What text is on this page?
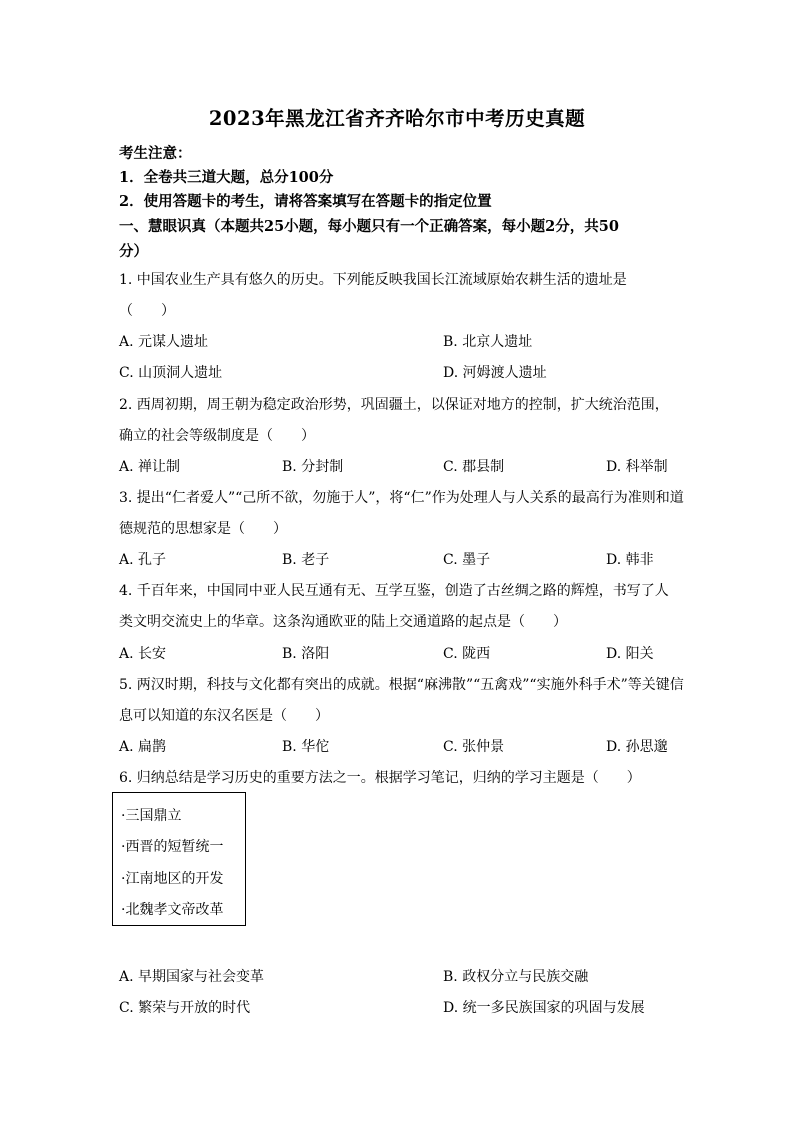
2023年黑龙江省齐齐哈尔市中考历史真题
考生注意：
1．全卷共三道大题，总分100分
2．使用答题卡的考生，请将答案填写在答题卡的指定位置
一、慧眼识真（本题共25小题，每小题只有一个正确答案，每小题2分，共50
分）
1. 中国农业生产具有悠久的历史。下列能反映我国长江流域原始农耕生活的遗址是
（　　）
A. 元谋人遗址	B. 北京人遗址
C. 山顶洞人遗址	D. 河姆渡人遗址
2. 西周初期，周王朝为稳定政治形势，巩固疆土，以保证对地方的控制，扩大统治范围，
确立的社会等级制度是（　　）
A. 禅让制	B. 分封制	C. 郡县制	D. 科举制
3. 提出“仁者爱人”“己所不欲，勿施于人”，将“仁”作为处理人与人关系的最高行为准则和道
德规范的思想家是（　　）
A. 孔子	B. 老子	C. 墨子	D. 韩非
4. 千百年来，中国同中亚人民互通有无、互学互鉴，创造了古丝绸之路的辉煌，书写了人
类文明交流史上的华章。这条沟通欧亚的陆上交通道路的起点是（　　）
A. 长安	B. 洛阳	C. 陇西	D. 阳关
5. 两汉时期，科技与文化都有突出的成就。根据“麻沸散”“五禽戏”“实施外科手术”等关键信
息可以知道的东汉名医是（　　）
A. 扁鹊	B. 华佗	C. 张仲景	D. 孙思邈
6. 归纳总结是学习历史的重要方法之一。根据学习笔记，归纳的学习主题是（　　）
·三国鼎立
·西晋的短暂统一
·江南地区的开发
·北魏孝文帝改革
A. 早期国家与社会变革	B. 政权分立与民族交融
C. 繁荣与开放的时代	D. 统一多民族国家的巩固与发展
